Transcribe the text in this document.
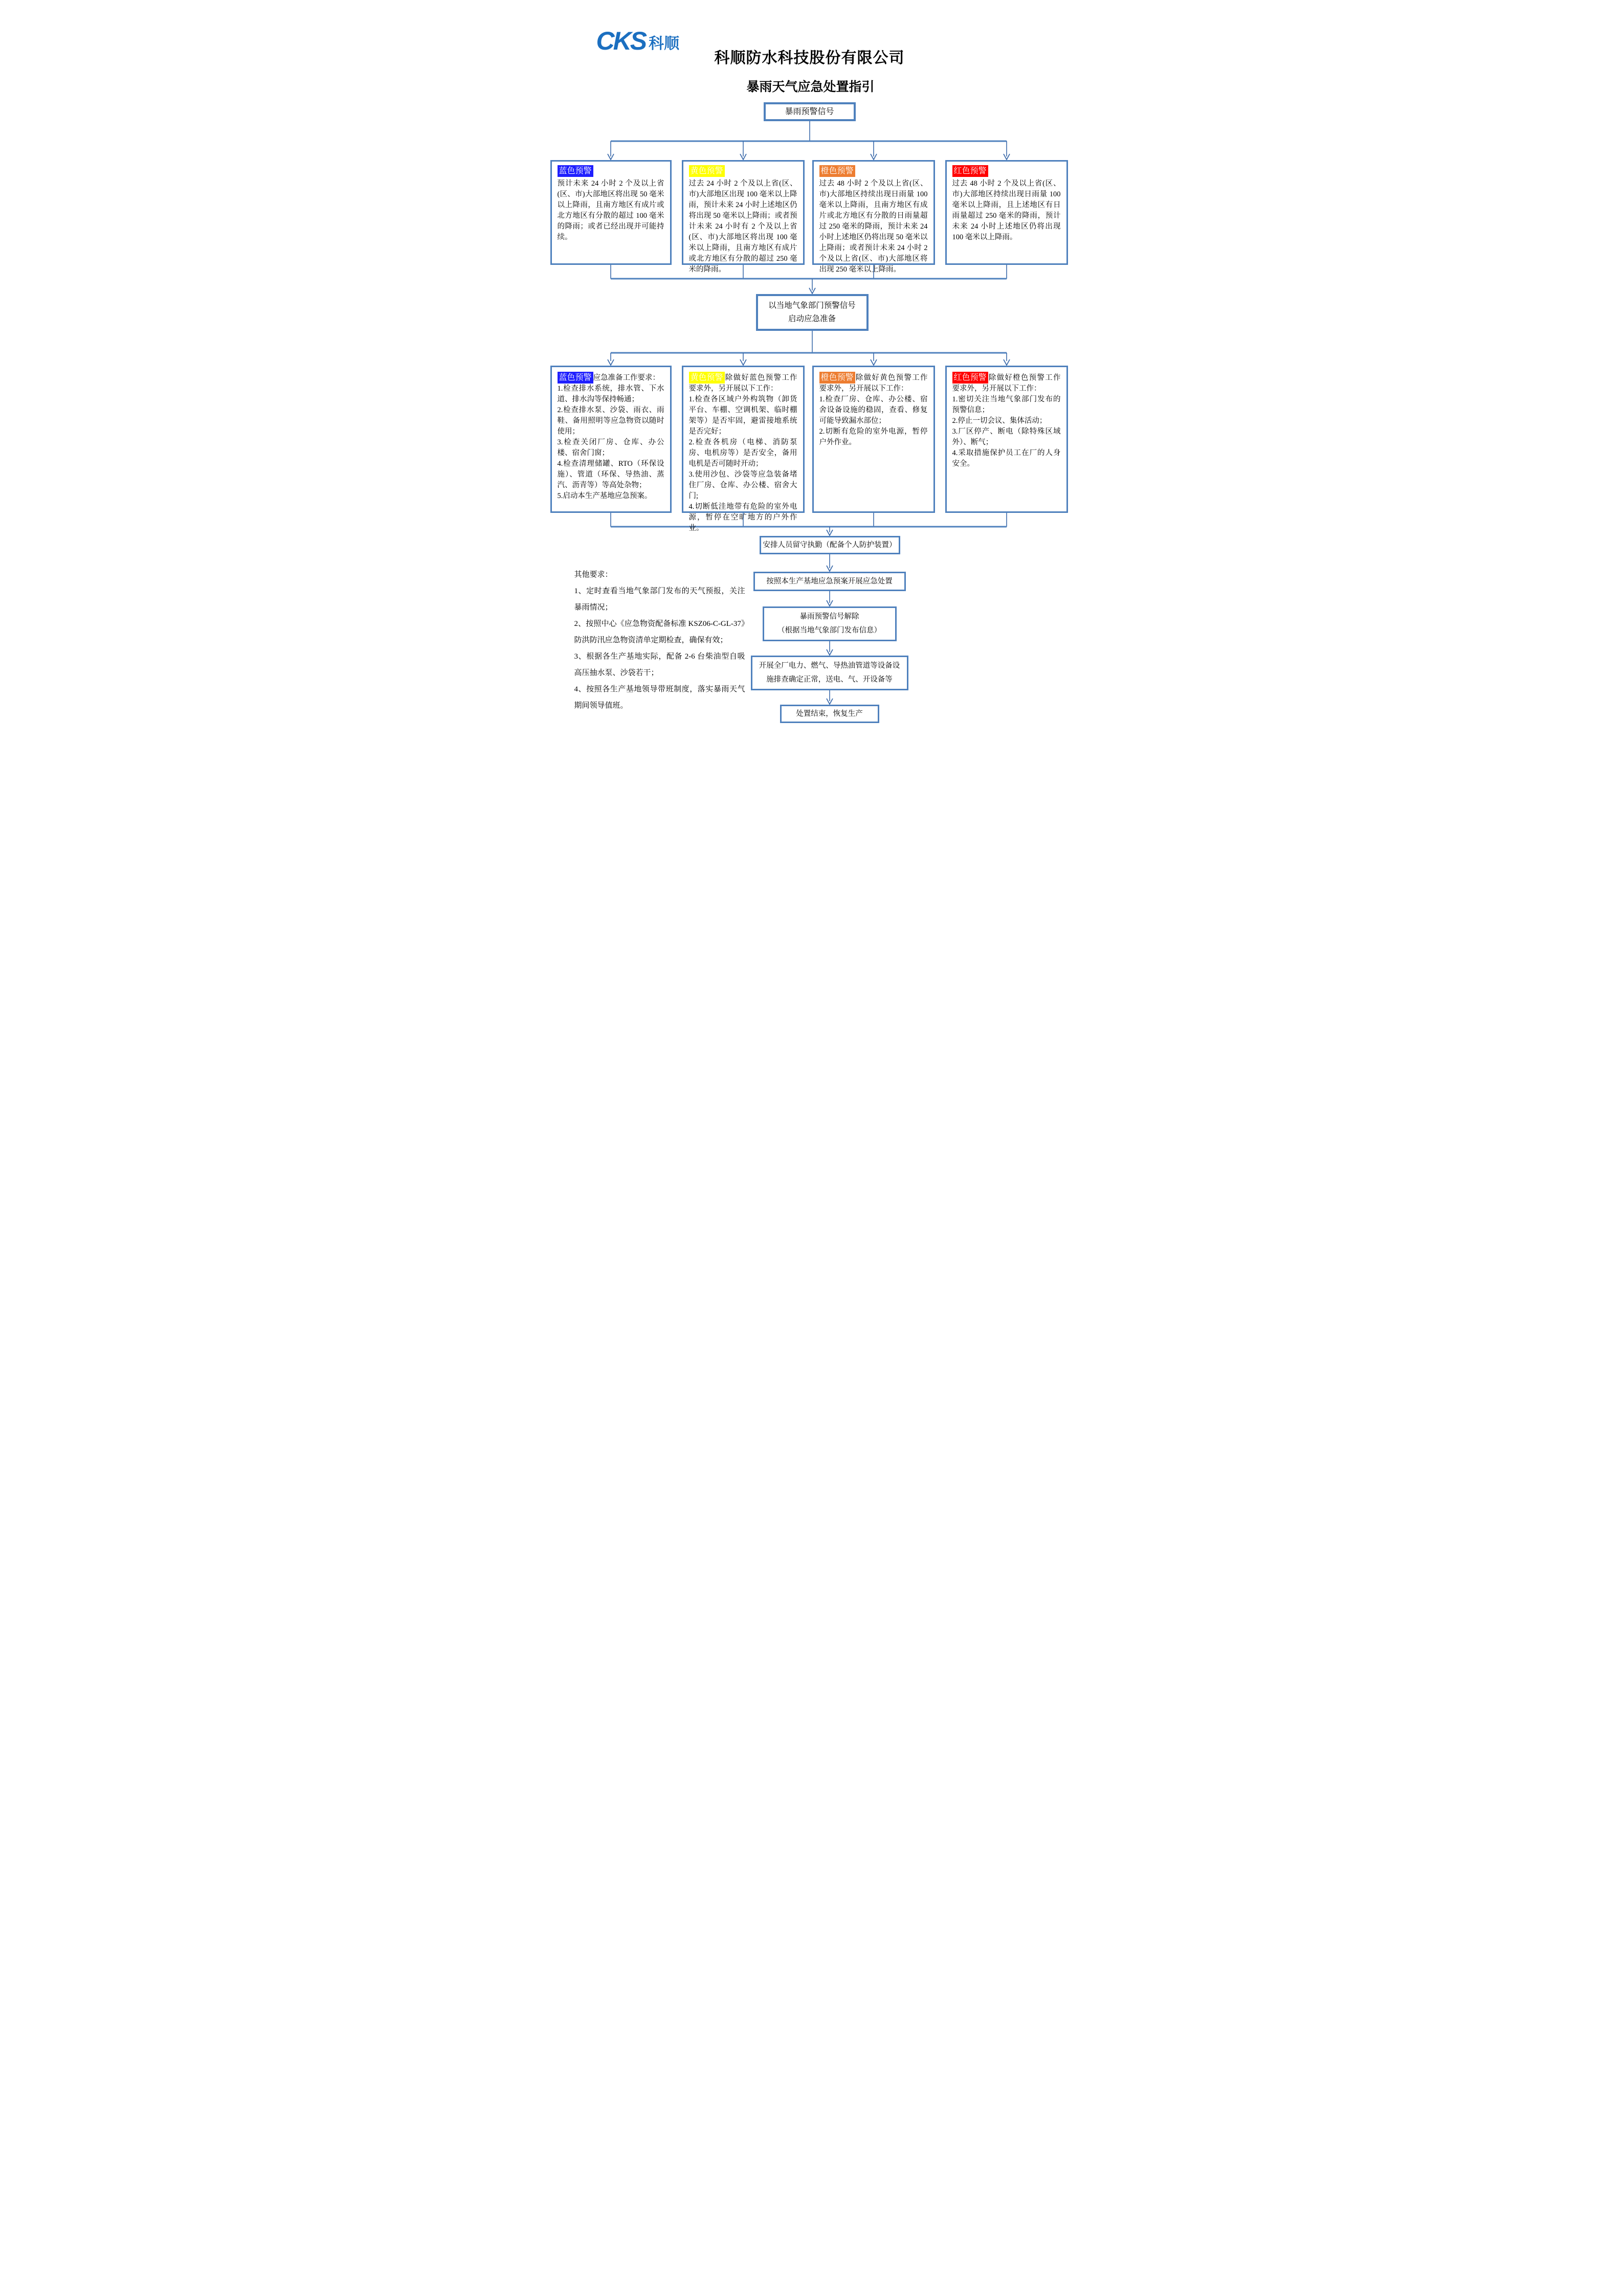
CKS 科顺
科顺防水科技股份有限公司
暴雨天气应急处置指引
暴雨预警信号
蓝色预警
预计未来 24 小时 2 个及以上省(区、市)大部地区将出现 50 毫米以上降雨，且南方地区有成片或北方地区有分散的超过 100 毫米的降雨；或者已经出现并可能持续。
黄色预警
过去 24 小时 2 个及以上省(区、市)大部地区出现 100 毫米以上降雨，预计未来 24 小时上述地区仍将出现 50 毫米以上降雨；或者预计未来 24 小时有 2 个及以上省(区、市)大部地区将出现 100 毫米以上降雨，且南方地区有成片或北方地区有分散的超过 250 毫米的降雨。
橙色预警
过去 48 小时 2 个及以上省(区、市)大部地区持续出现日雨量 100 毫米以上降雨，且南方地区有成片或北方地区有分散的日雨量超过 250 毫米的降雨，预计未来 24 小时上述地区仍将出现 50 毫米以上降雨；或者预计未来 24 小时 2 个及以上省(区、市)大部地区将出现 250 毫米以上降雨。
红色预警
过去 48 小时 2 个及以上省(区、市)大部地区持续出现日雨量 100 毫米以上降雨，且上述地区有日雨量超过 250 毫米的降雨，预计未来 24 小时上述地区仍将出现 100 毫米以上降雨。
以当地气象部门预警信号
启动应急准备
蓝色预警 应急准备工作要求：
1.检查排水系统，排水管、下水道、排水沟等保持畅通；
2.检查排水泵、沙袋、雨衣、雨鞋、备用照明等应急物资以随时使用；
3.检查关闭厂房、仓库、办公楼、宿舍门窗；
4.检查清理储罐、RTO（环保设施）、管道（环保、导热油、蒸汽、沥青等）等高处杂物；
5.启动本生产基地应急预案。
黄色预警 除做好蓝色预警工作要求外，另开展以下工作：
1.检查各区域户外构筑物（卸货平台、车棚、空调机架、临时棚架等）是否牢固，避雷接地系统是否完好；
2.检查各机房（电梯、消防泵房、电机房等）是否安全，备用电机是否可随时开动；
3.使用沙包、沙袋等应急装备堵住厂房、仓库、办公楼、宿舍大门;
4.切断低洼地带有危险的室外电源，暂停在空旷地方的户外作业。
橙色预警 除做好黄色预警工作要求外，另开展以下工作：
1.检查厂房、仓库、办公楼、宿舍设备设施的稳固，查看、修复可能导致漏水部位；
2.切断有危险的室外电源，暂停户外作业。
红色预警 除做好橙色预警工作要求外，另开展以下工作：
1.密切关注当地气象部门发布的预警信息；
2.停止一切会议、集体活动；
3.厂区停产、断电（除特殊区域外）、断气；
4.采取措施保护员工在厂的人身安全。
安排人员留守执勤（配备个人防护装置）
按照本生产基地应急预案开展应急处置
暴雨预警信号解除
（根据当地气象部门发布信息）
开展全厂电力、燃气、导热油管道等设备设
施排查确定正常，送电、气、开设备等
处置结束，恢复生产
其他要求：
1、定时查看当地气象部门发布的天气预报，关注暴雨情况；
2、按照中心《应急物资配备标准 KSZ06-C-GL-37》防洪防汛应急物资清单定期检查，确保有效；
3、根据各生产基地实际，配备 2-6 台柴油型自吸高压抽水泵、沙袋若干；
4、按照各生产基地领导带班制度，落实暴雨天气期间领导值班。
